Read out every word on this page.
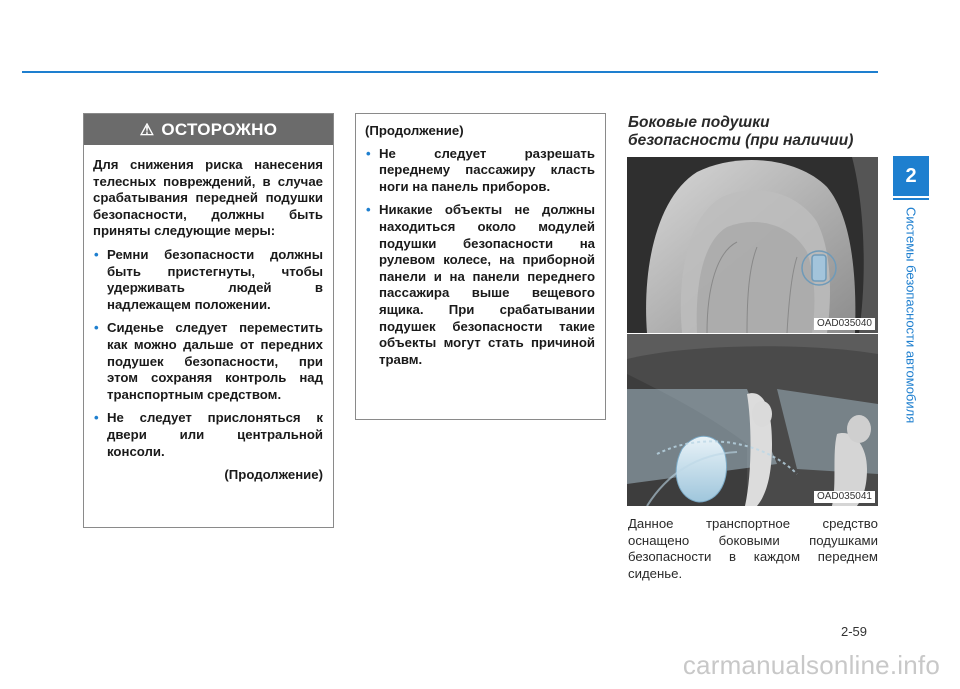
2
Системы безопасности автомобиля
⚠ ОСТОРОЖНО

Для снижения риска нанесения телесных повреждений, в случае срабатывания передней подушки безопасности, должны быть приняты следующие меры:

• Ремни безопасности должны быть пристегнуты, чтобы удерживать людей в надлежащем положении.

• Сиденье следует переместить как можно дальше от передних подушек безопасности, при этом сохраняя контроль над транспортным средством.

• Не следует прислоняться к двери или центральной консоли.

(Продолжение)

(Продолжение)

• Не следует разрешать переднему пассажиру класть ноги на панель приборов.

• Никакие объекты не должны находиться около модулей подушки безопасности на рулевом колесе, на приборной панели и на панели переднего пассажира выше вещевого ящика. При срабатывании подушек безопасности такие объекты могут стать причиной травм.

Боковые подушки безопасности (при наличии)
OAD035040
OAD035041
Данное транспортное средство оснащено боковыми подушками безопасности в каждом переднем сиденье.
2-59
carmanualsonline.info
